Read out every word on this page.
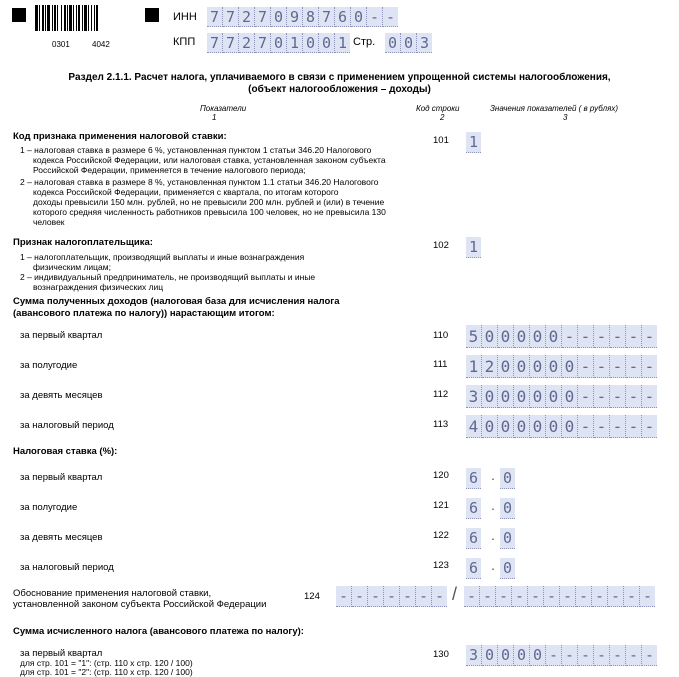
0301	4042
ИНН 7 7 2 7 0 9 8 7 6 0 - -
КПП 7 7 2 7 0 1 0 0 1 Стр. 0 0 3
Раздел 2.1.1. Расчет налога, уплачиваемого в связи с применением упрощенной системы налогообложения,
(объект налогообложения – доходы)
Показатели	Код строки	Значения показателей ( в рублях)
1	2	3
Код признака применения налоговой ставки:
1 – налоговая ставка в размере 6 %, установленная пунктом 1 статьи 346.20 Налогового
кодекса Российской Федерации, или налоговая ставка, установленная законом субъекта
Российской Федерации, применяется в течение налогового периода;
2 – налоговая ставка в размере 8 %, установленная пунктом 1.1 статьи 346.20 Налогового
кодекса Российской Федерации, применяется с квартала, по итогам которого
доходы превысили 150 млн. рублей, но не превысили 200 млн. рублей и (или) в течение
которого средняя численность работников превысила 100 человек, но не превысила 130
человек
101 1
Признак налогоплательщика:
1 – налогоплательщик, производящий выплаты и иные вознаграждения
физическим лицам;
2 – индивидуальный предприниматель, не производящий выплаты и иные
вознаграждения физических лиц
102 1
Сумма полученных доходов (налоговая база для исчисления налога
(авансового платежа по налогу)) нарастающим итогом:
за первый квартал	110 5 0 0 0 0 0 - - - - - -
за полугодие	111 1 2 0 0 0 0 0 - - - - -
за девять месяцев	112 3 0 0 0 0 0 0 - - - - -
за налоговый период	113 4 0 0 0 0 0 0 - - - - -
Налоговая ставка (%):
за первый квартал	120 6 · 0
за полугодие	121 6 · 0
за девять месяцев	122 6 · 0
за налоговый период	123 6 · 0
Обоснование применения налоговой ставки,
установленной законом субъекта Российской Федерации
124 - - - - - - - / - - - - - - - - - - - -
Сумма исчисленного налога (авансового платежа по налогу):
за первый квартал
для стр. 101 = "1": (стр. 110 х стр. 120 / 100)
для стр. 101 = "2": (стр. 110 х стр. 120 / 100)
130 3 0 0 0 0 - - - - - - -
